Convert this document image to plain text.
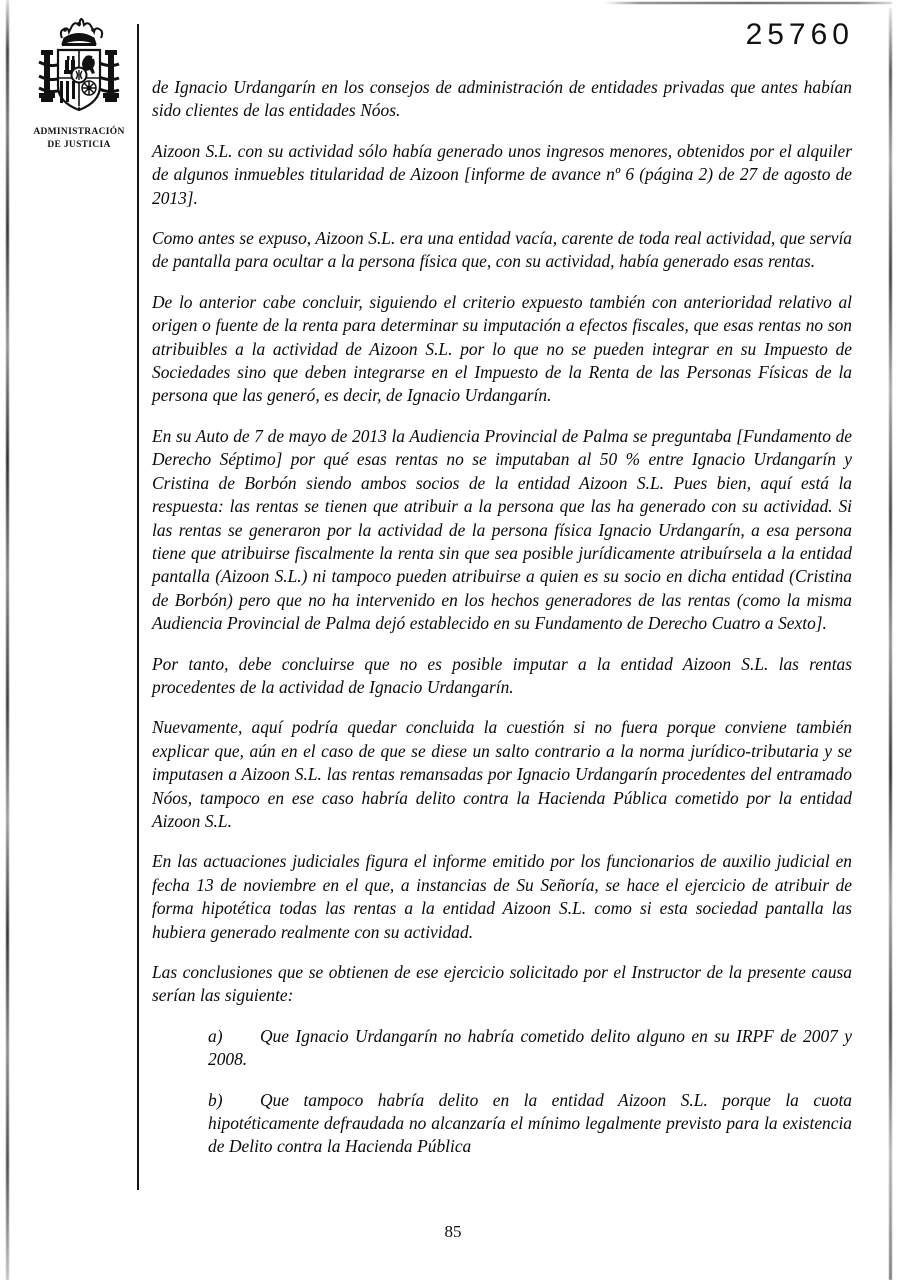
25760
ADMINISTRACIÓN
DE JUSTICIA

de Ignacio Urdangarín en los consejos de administración de entidades privadas que antes habían sido clientes de las entidades Nóos.

Aizoon S.L. con su actividad sólo había generado unos ingresos menores, obtenidos por el alquiler de algunos inmuebles titularidad de Aizoon [informe de avance nº 6 (página 2) de 27 de agosto de 2013].

Como antes se expuso, Aizoon S.L. era una entidad vacía, carente de toda real actividad, que servía de pantalla para ocultar a la persona física que, con su actividad, había generado esas rentas.

De lo anterior cabe concluir, siguiendo el criterio expuesto también con anterioridad relativo al origen o fuente de la renta para determinar su imputación a efectos fiscales, que esas rentas no son atribuibles a la actividad de Aizoon S.L. por lo que no se pueden integrar en su Impuesto de Sociedades sino que deben integrarse en el Impuesto de la Renta de las Personas Físicas de la persona que las generó, es decir, de Ignacio Urdangarín.

En su Auto de 7 de mayo de 2013 la Audiencia Provincial de Palma se preguntaba [Fundamento de Derecho Séptimo] por qué esas rentas no se imputaban al 50 % entre Ignacio Urdangarín y Cristina de Borbón siendo ambos socios de la entidad Aizoon S.L. Pues bien, aquí está la respuesta: las rentas se tienen que atribuir a la persona que las ha generado con su actividad. Si las rentas se generaron por la actividad de la persona física Ignacio Urdangarín, a esa persona tiene que atribuirse fiscalmente la renta sin que sea posible jurídicamente atribuírsela a la entidad pantalla (Aizoon S.L.) ni tampoco pueden atribuirse a quien es su socio en dicha entidad (Cristina de Borbón) pero que no ha intervenido en los hechos generadores de las rentas (como la misma Audiencia Provincial de Palma dejó establecido en su Fundamento de Derecho Cuatro a Sexto].

Por tanto, debe concluirse que no es posible imputar a la entidad Aizoon S.L. las rentas procedentes de la actividad de Ignacio Urdangarín.

Nuevamente, aquí podría quedar concluida la cuestión si no fuera porque conviene también explicar que, aún en el caso de que se diese un salto contrario a la norma jurídico-tributaria y se imputasen a Aizoon S.L. las rentas remansadas por Ignacio Urdangarín procedentes del entramado Nóos, tampoco en ese caso habría delito contra la Hacienda Pública cometido por la entidad Aizoon S.L.

En las actuaciones judiciales figura el informe emitido por los funcionarios de auxilio judicial en fecha 13 de noviembre en el que, a instancias de Su Señoría, se hace el ejercicio de atribuir de forma hipotética todas las rentas a la entidad Aizoon S.L. como si esta sociedad pantalla las hubiera generado realmente con su actividad.

Las conclusiones que se obtienen de ese ejercicio solicitado por el Instructor de la presente causa serían las siguiente:

a) Que Ignacio Urdangarín no habría cometido delito alguno en su IRPF de 2007 y 2008.

b) Que tampoco habría delito en la entidad Aizoon S.L. porque la cuota hipotéticamente defraudada no alcanzaría el mínimo legalmente previsto para la existencia de Delito contra la Hacienda Pública

85
